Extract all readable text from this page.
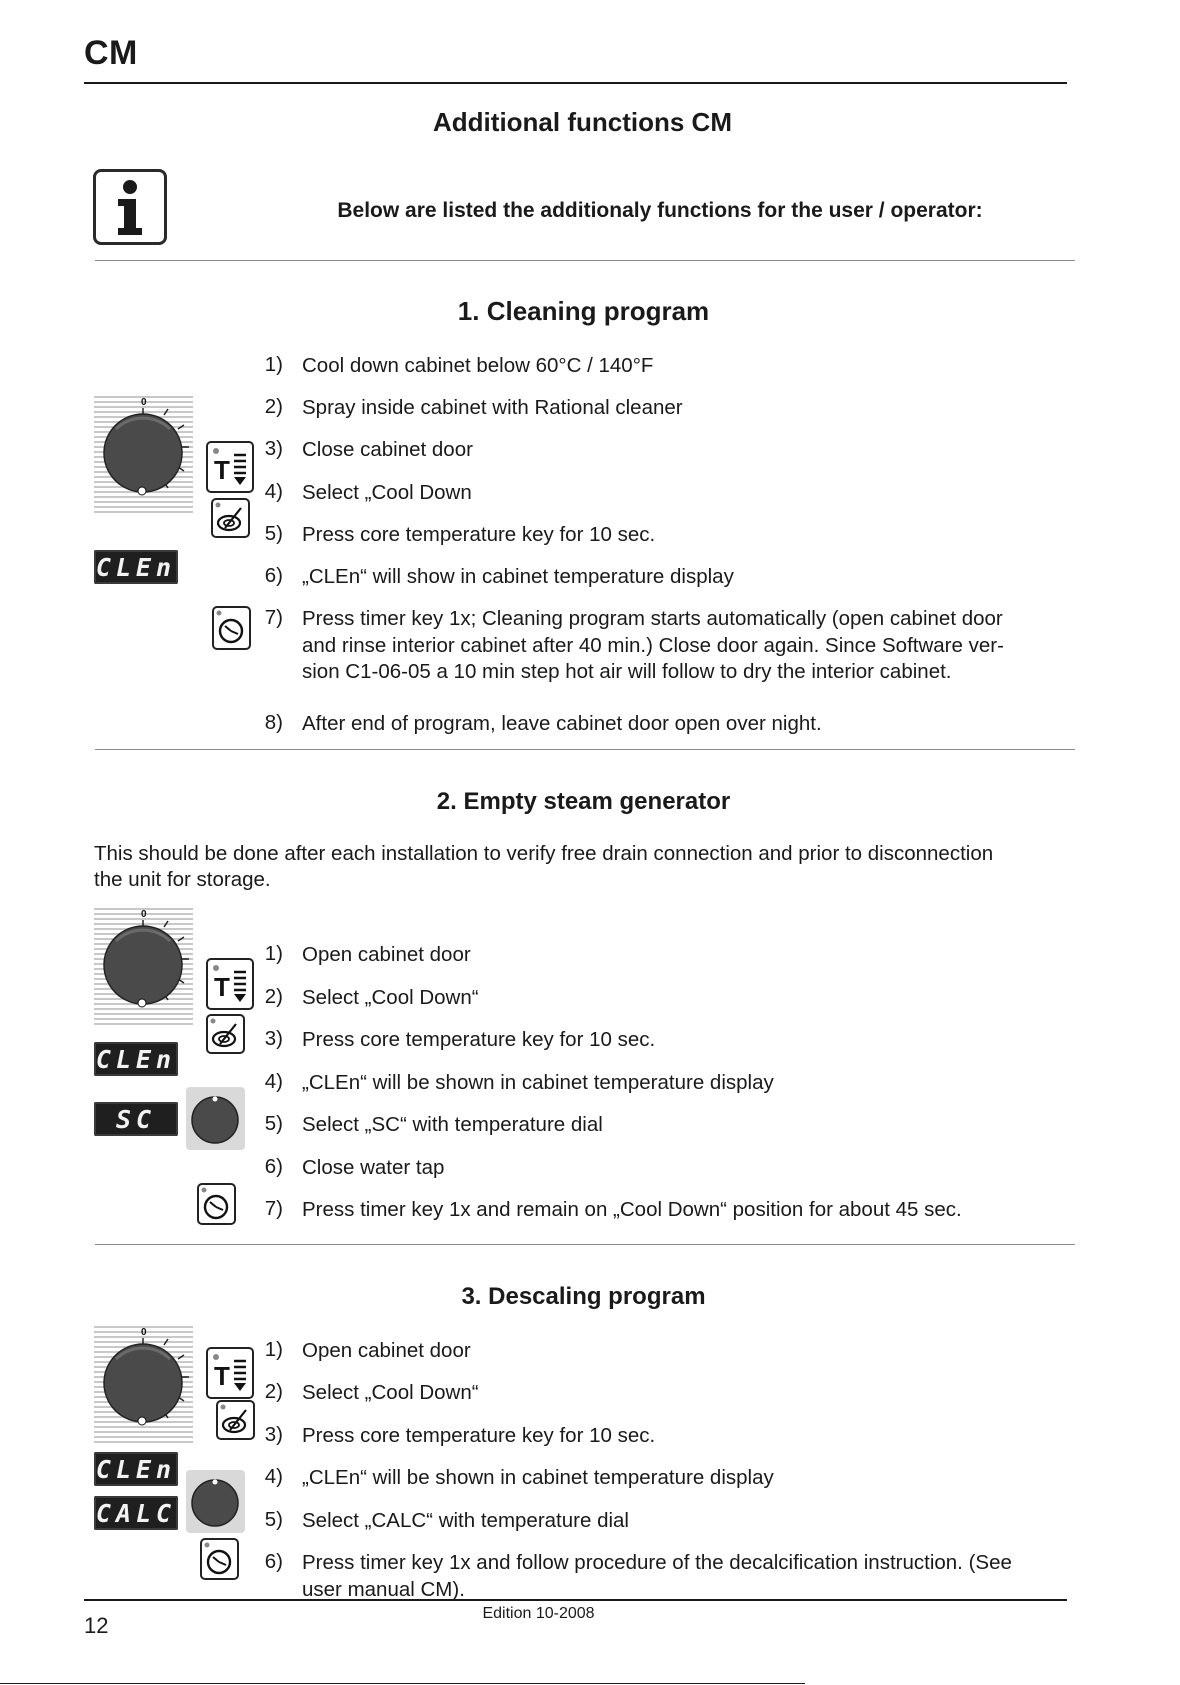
CM
Additional functions CM
Below are listed the additionaly functions for the user / operator:
1. Cleaning program
1) Cool down cabinet below 60°C / 140°F
2) Spray inside cabinet with Rational cleaner
3) Close cabinet door
4) Select „Cool Down
5) Press core temperature key for 10 sec.
6) „CLEn“ will show in cabinet temperature display
7) Press timer key 1x; Cleaning program starts automatically (open cabinet door
and rinse interior cabinet after 40 min.) Close door again. Since Software ver-
sion C1-06-05 a 10 min step hot air will follow to dry the interior cabinet.
8) After end of program, leave cabinet door open over night.
2. Empty steam generator
This should be done after each installation to verify free drain connection and prior to disconnection
the unit for storage.
1) Open cabinet door
2) Select „Cool Down“
3) Press core temperature key for 10 sec.
4) „CLEn“ will be shown in cabinet temperature display
5) Select „SC“ with temperature dial
6) Close water tap
7) Press timer key 1x and remain on „Cool Down“ position for about 45 sec.
3. Descaling program
1) Open cabinet door
2) Select „Cool Down“
3) Press core temperature key for 10 sec.
4) „CLEn“ will be shown in cabinet temperature display
5) Select „CALC“ with temperature dial
6) Press timer key 1x and follow procedure of the decalcification instruction. (See
user manual CM).
0
T
CLEn
0
T
CLEn
SC
0
T
CLEn
CALC
12	Edition 10-2008
